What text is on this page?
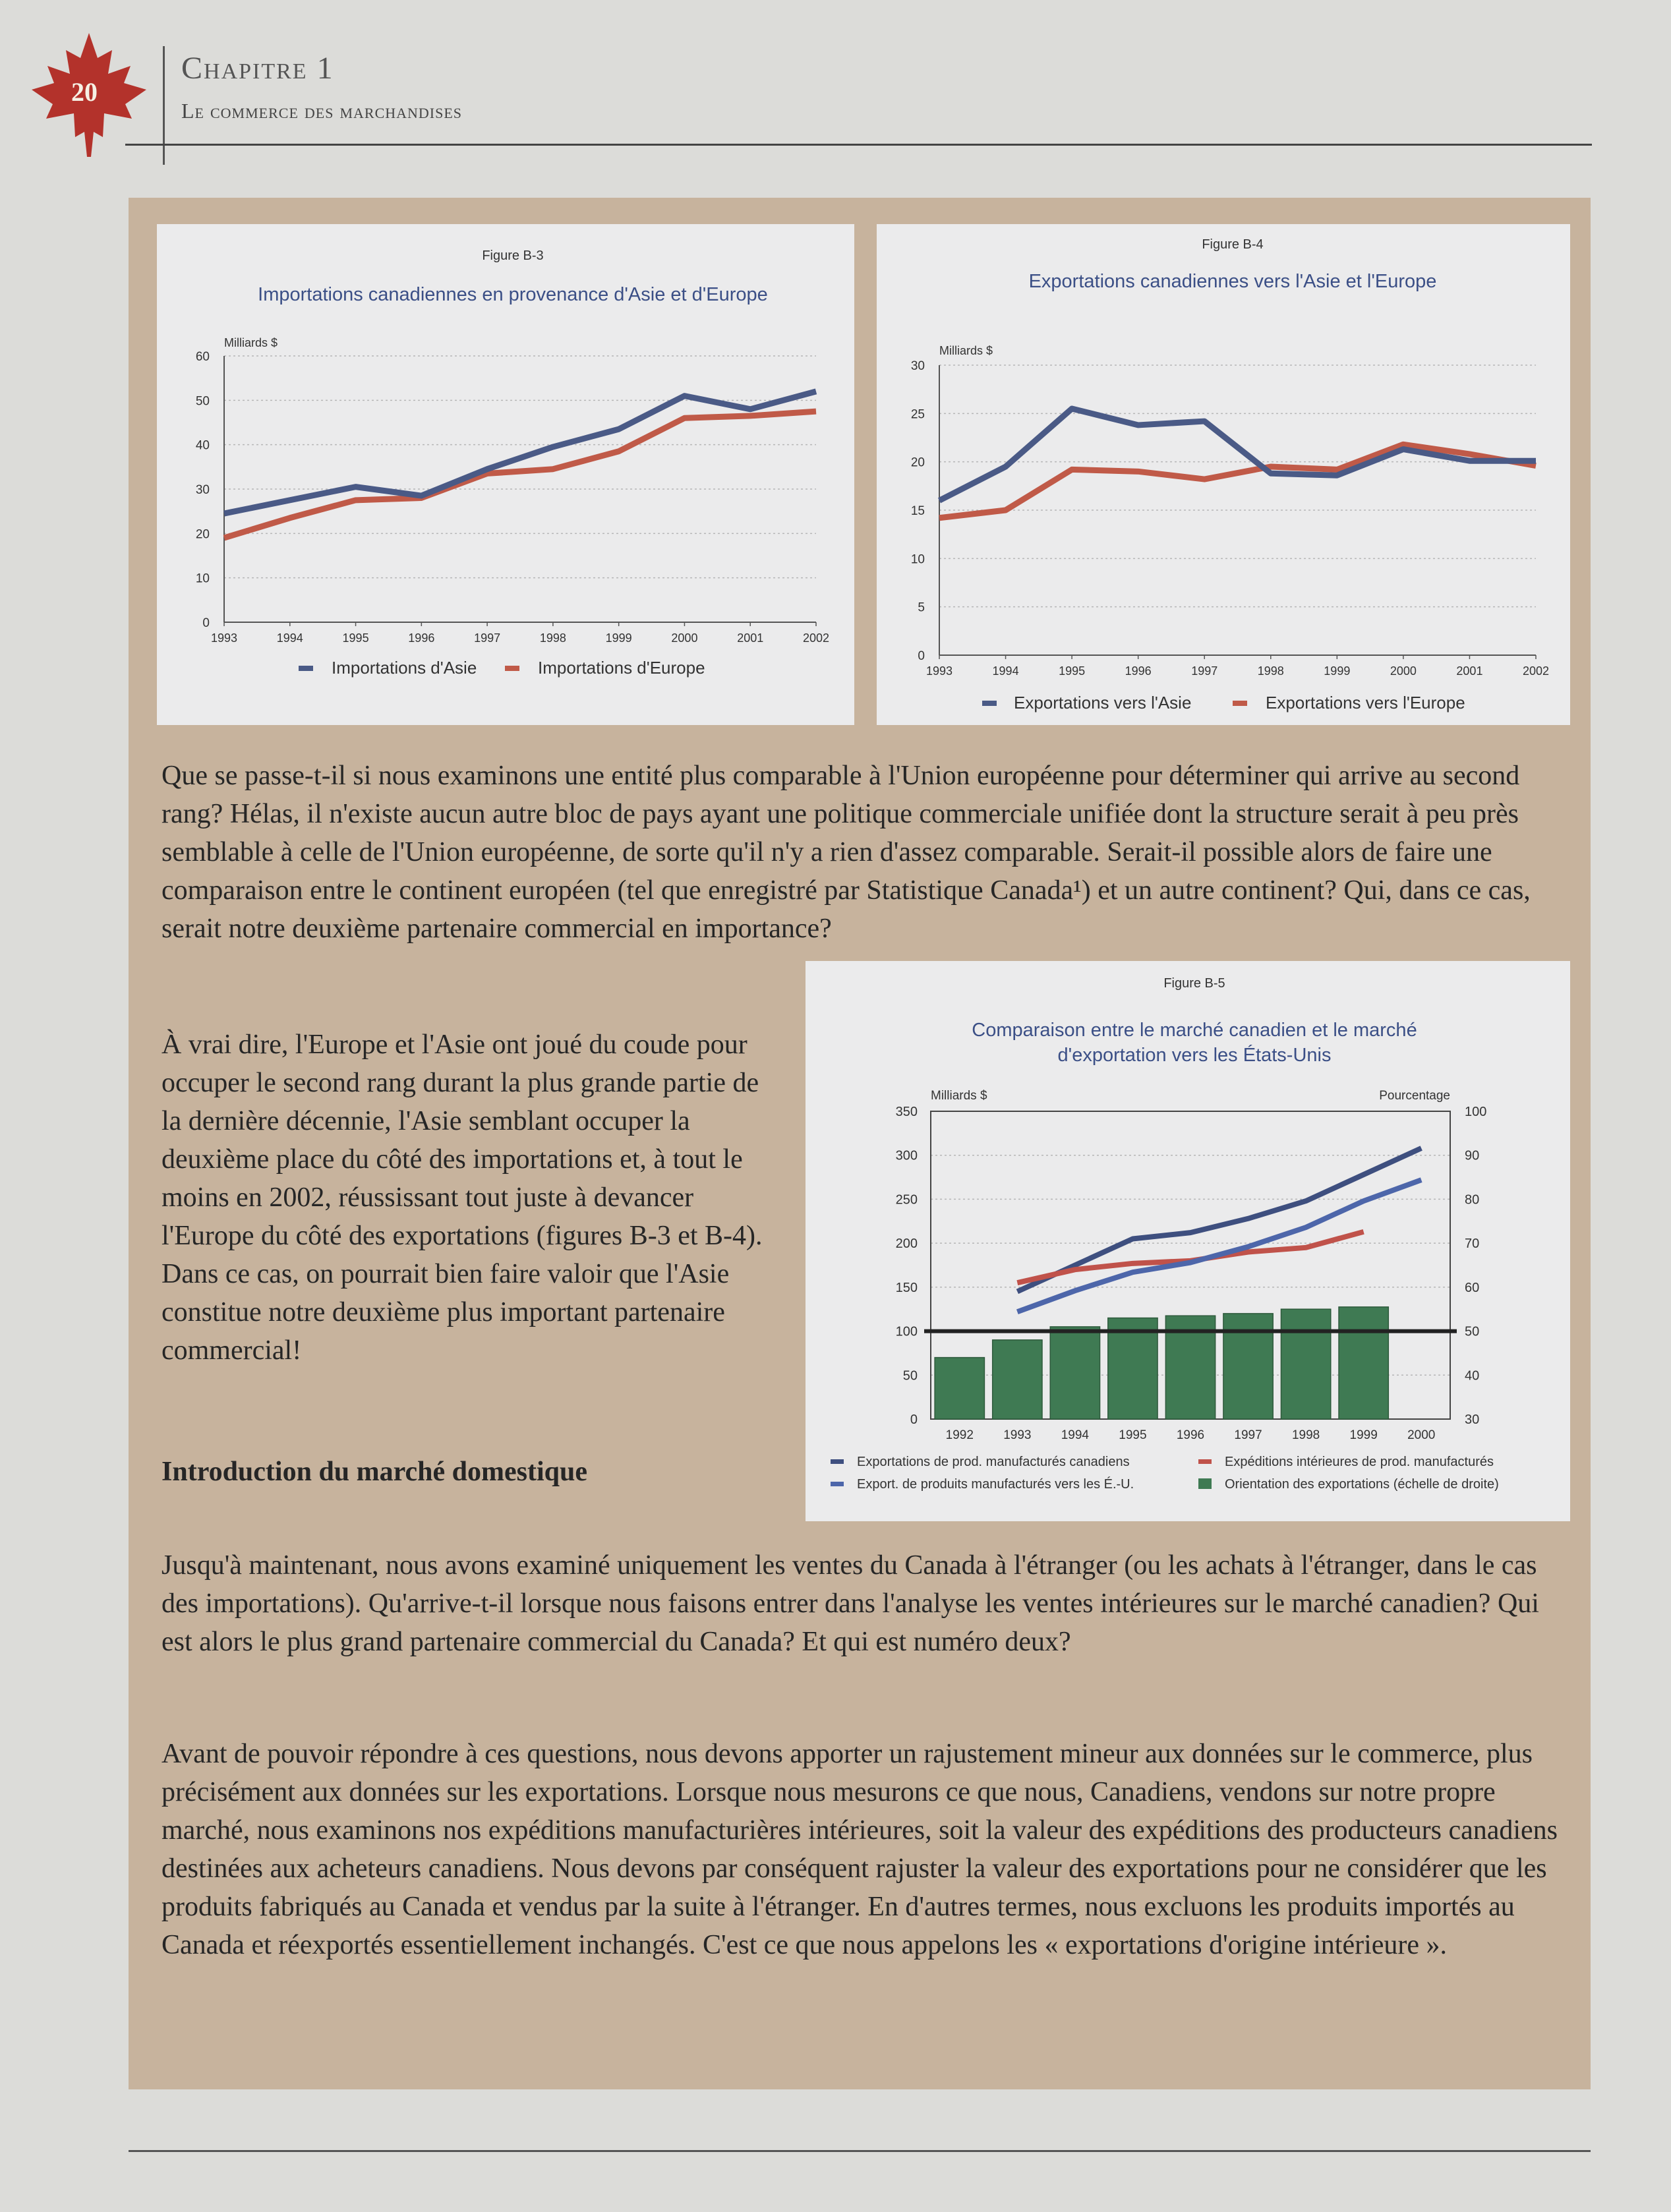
20
Chapitre 1
Le commerce des marchandises
Figure B-3
Importations canadiennes en provenance d'Asie et d'Europe
Milliards $
0
10
20
30
40
50
60
1993	1994	1995	1996	1997	1998	1999	2000	2001	2002
Importations d'Asie	Importations d'Europe
Figure B-4
Exportations canadiennes vers l'Asie et l'Europe
Milliards $
0
5
10
15
20
25
30
1993	1994	1995	1996	1997	1998	1999	2000	2001	2002
Exportations vers l'Asie	Exportations vers l'Europe
Figure B-5
Comparaison entre le marché canadien et le marché
d'exportation vers les États-Unis
Milliards $	Pourcentage
0
50
100
150
200
250
300
350
30
40
50
60
70
80
90
100
1992 1993 1994 1995 1996 1997 1998 1999 2000
Exportations de prod. manufacturés canadiens	Expéditions intérieures de prod. manufacturés
Export. de produits manufacturés vers les É.-U.	Orientation des exportations (échelle de droite)

Que se passe-t-il si nous examinons une entité plus comparable à l'Union européenne pour déterminer qui arrive au second rang? Hélas, il n'existe aucun autre bloc de pays ayant une politique commerciale unifiée dont la structure serait à peu près semblable à celle de l'Union européenne, de sorte qu'il n'y a rien d'assez comparable. Serait-il possible alors de faire une comparaison entre le continent européen (tel que enregistré par Statistique Canada¹) et un autre continent? Qui, dans ce cas, serait notre deuxième partenaire commercial en importance?

À vrai dire, l'Europe et l'Asie ont joué du coude pour occuper le second rang durant la plus grande partie de la dernière décennie, l'Asie semblant occuper la deuxième place du côté des importations et, à tout le moins en 2002, réussissant tout juste à devancer l'Europe du côté des exportations (figures B-3 et B-4). Dans ce cas, on pourrait bien faire valoir que l'Asie constitue notre deuxième plus important partenaire commercial!

Introduction du marché domestique

Jusqu'à maintenant, nous avons examiné uniquement les ventes du Canada à l'étranger (ou les achats à l'étranger, dans le cas des importations). Qu'arrive-t-il lorsque nous faisons entrer dans l'analyse les ventes intérieures sur le marché canadien? Qui est alors le plus grand partenaire commercial du Canada? Et qui est numéro deux?

Avant de pouvoir répondre à ces questions, nous devons apporter un rajustement mineur aux données sur le commerce, plus précisément aux données sur les exportations. Lorsque nous mesurons ce que nous, Canadiens, vendons sur notre propre marché, nous examinons nos expéditions manufacturières intérieures, soit la valeur des expéditions des producteurs canadiens destinées aux acheteurs canadiens. Nous devons par conséquent rajuster la valeur des exportations pour ne considérer que les produits fabriqués au Canada et vendus par la suite à l'étranger. En d'autres termes, nous excluons les produits importés au Canada et réexportés essentiellement inchangés. C'est ce que nous appelons les « exportations d'origine intérieure ».
